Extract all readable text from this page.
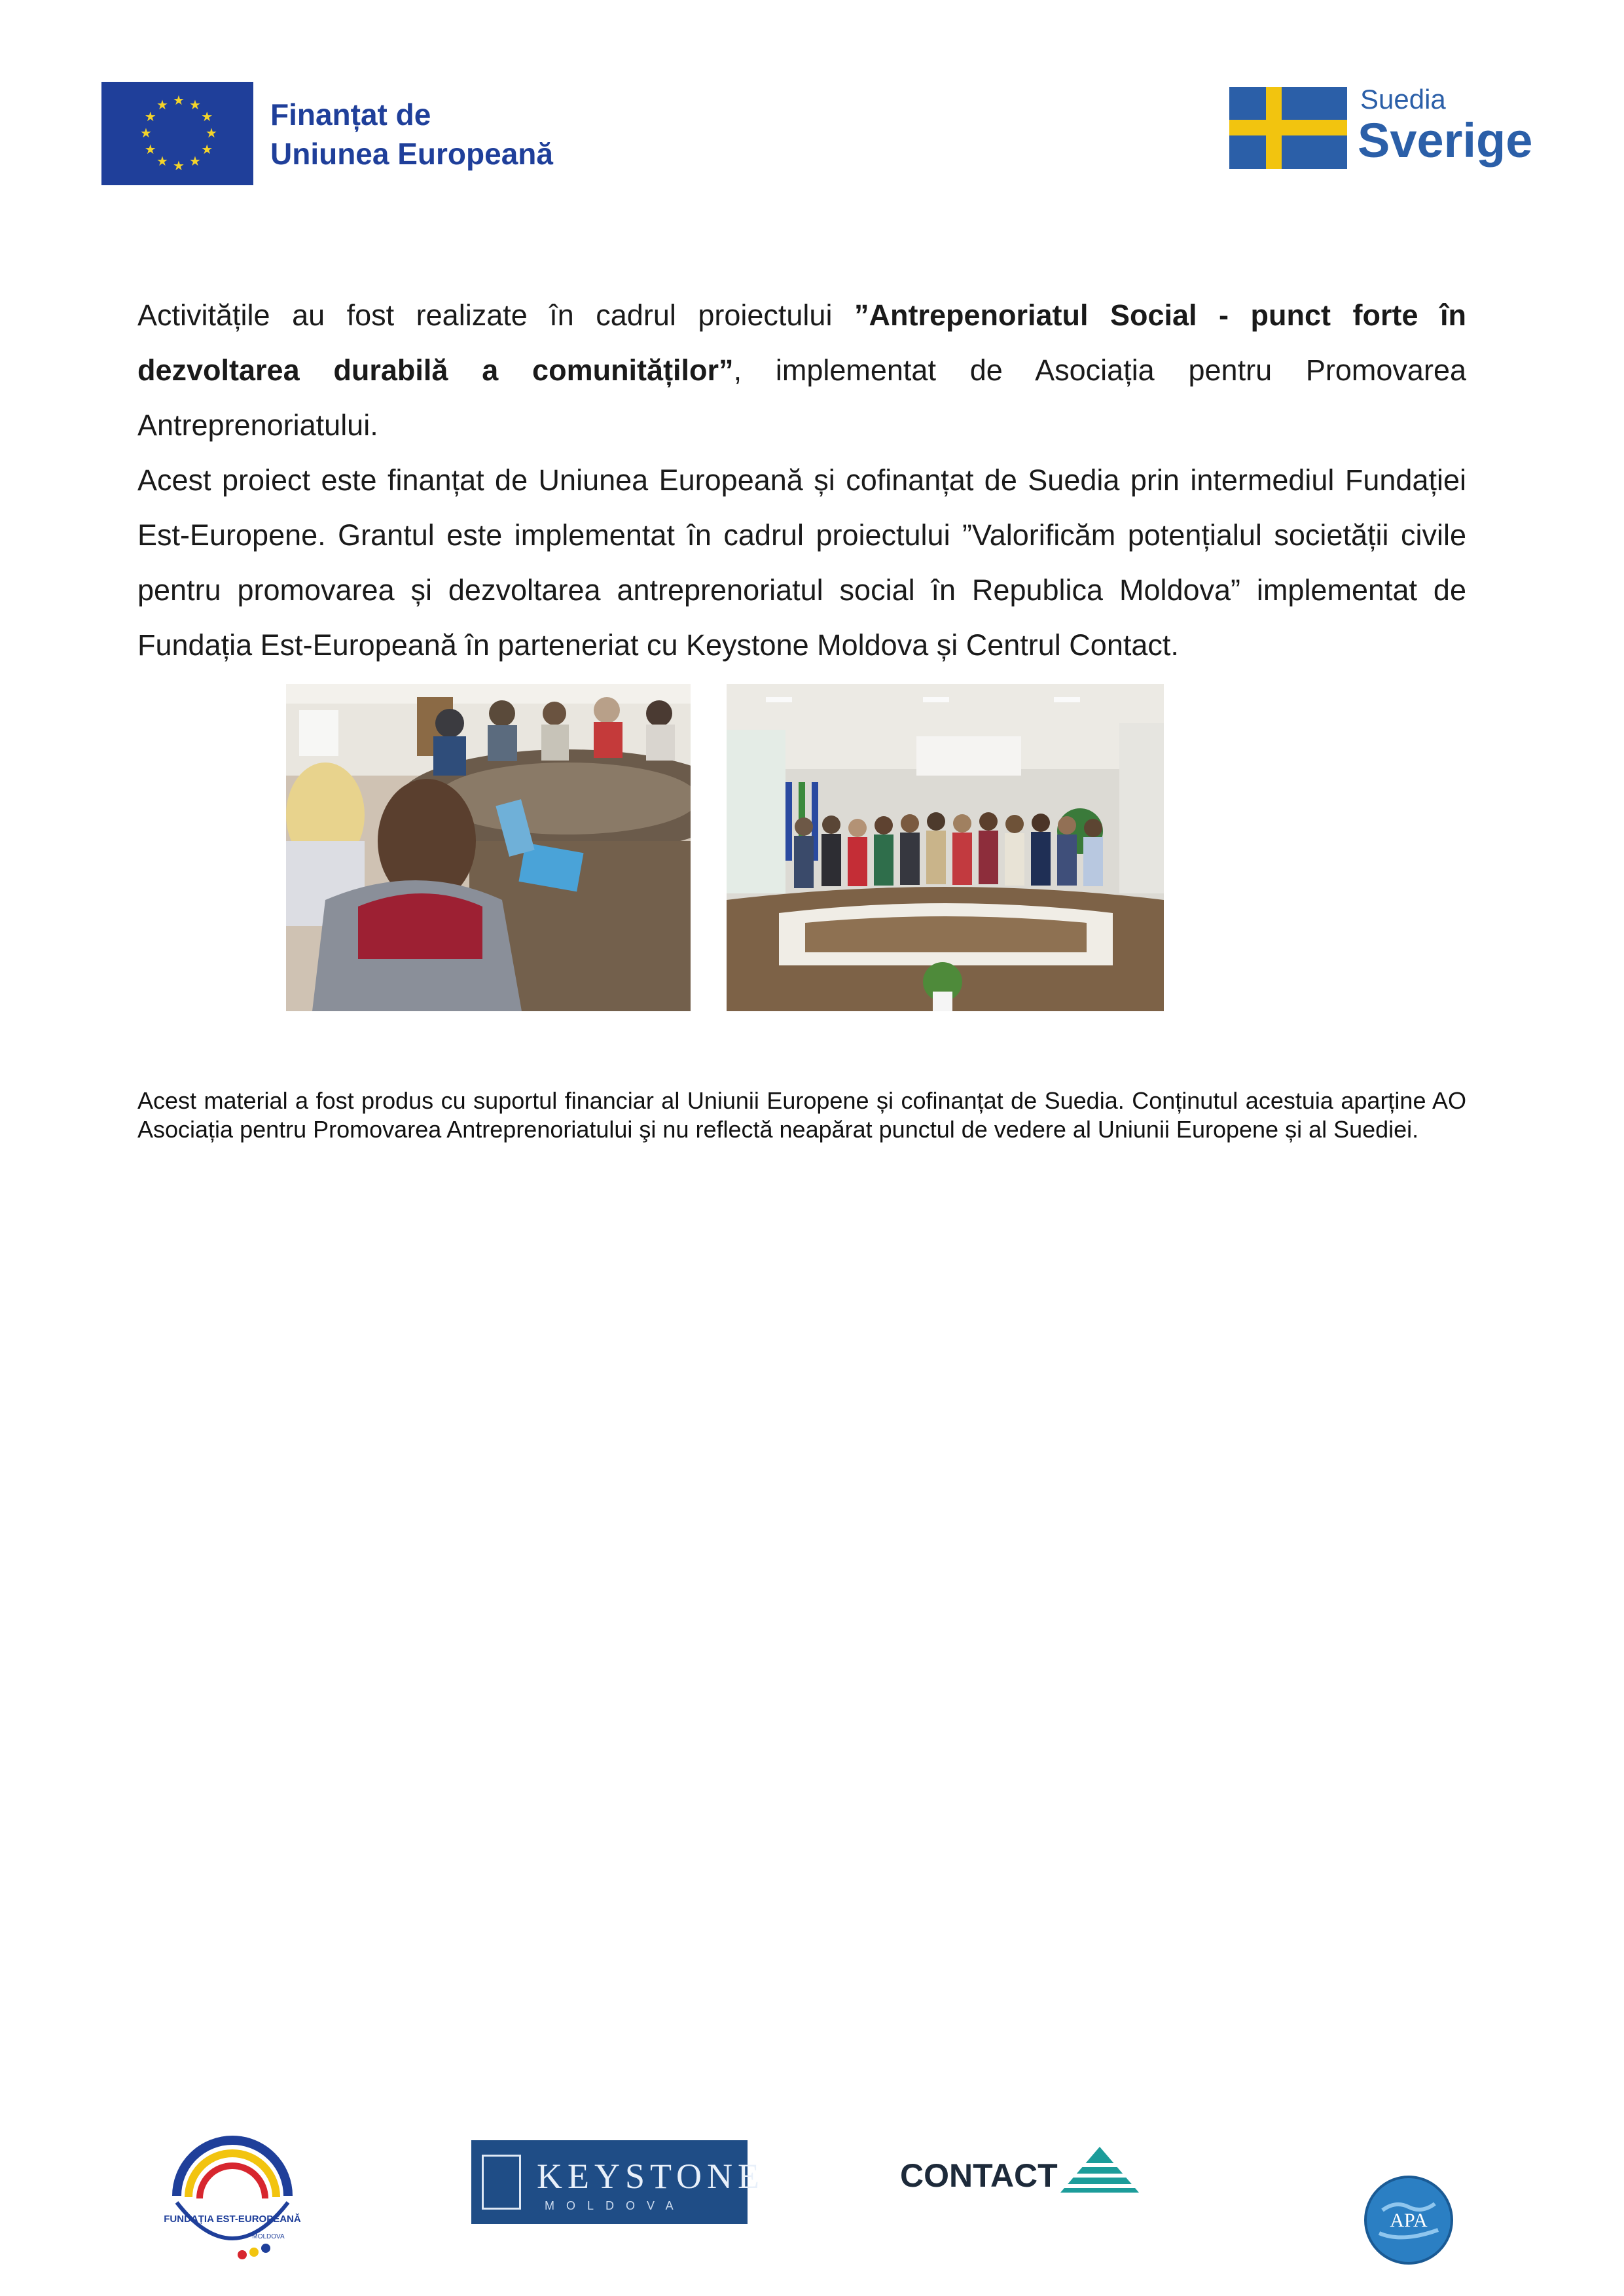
★
★
★
★
★
★
★
★
★ ★ ★
★ Finanțat de
Uniunea Europeană
Suedia
Sverige

Activitățile au fost realizate în cadrul proiectului ”Antrepenoriatul Social - punct forte în dezvoltarea durabilă a comunităților”, implementat de Asociația pentru Promovarea Antreprenoriatului.

Acest proiect este finanțat de Uniunea Europeană și cofinanțat de Suedia prin intermediul Fundației Est-Europene. Grantul este implementat în cadrul proiectului ”Valorificăm potențialul societății civile pentru promovarea și dezvoltarea antreprenoriatul social în Republica Moldova” implementat de Fundația Est-Europeană în parteneriat cu Keystone Moldova și Centrul Contact.

Acest material a fost produs cu suportul financiar al Uniunii Europene și cofinanțat de Suedia. Conținutul acestuia aparține AO Asociația pentru Promovarea Antreprenoriatului şi nu reflectă neapărat punctul de vedere al Uniunii Europene și al Suediei.

FUNDAȚIA EST-EUROPEANĂ
MOLDOVA
KEYSTONE
MOLDOVA
CONTACT
APA
